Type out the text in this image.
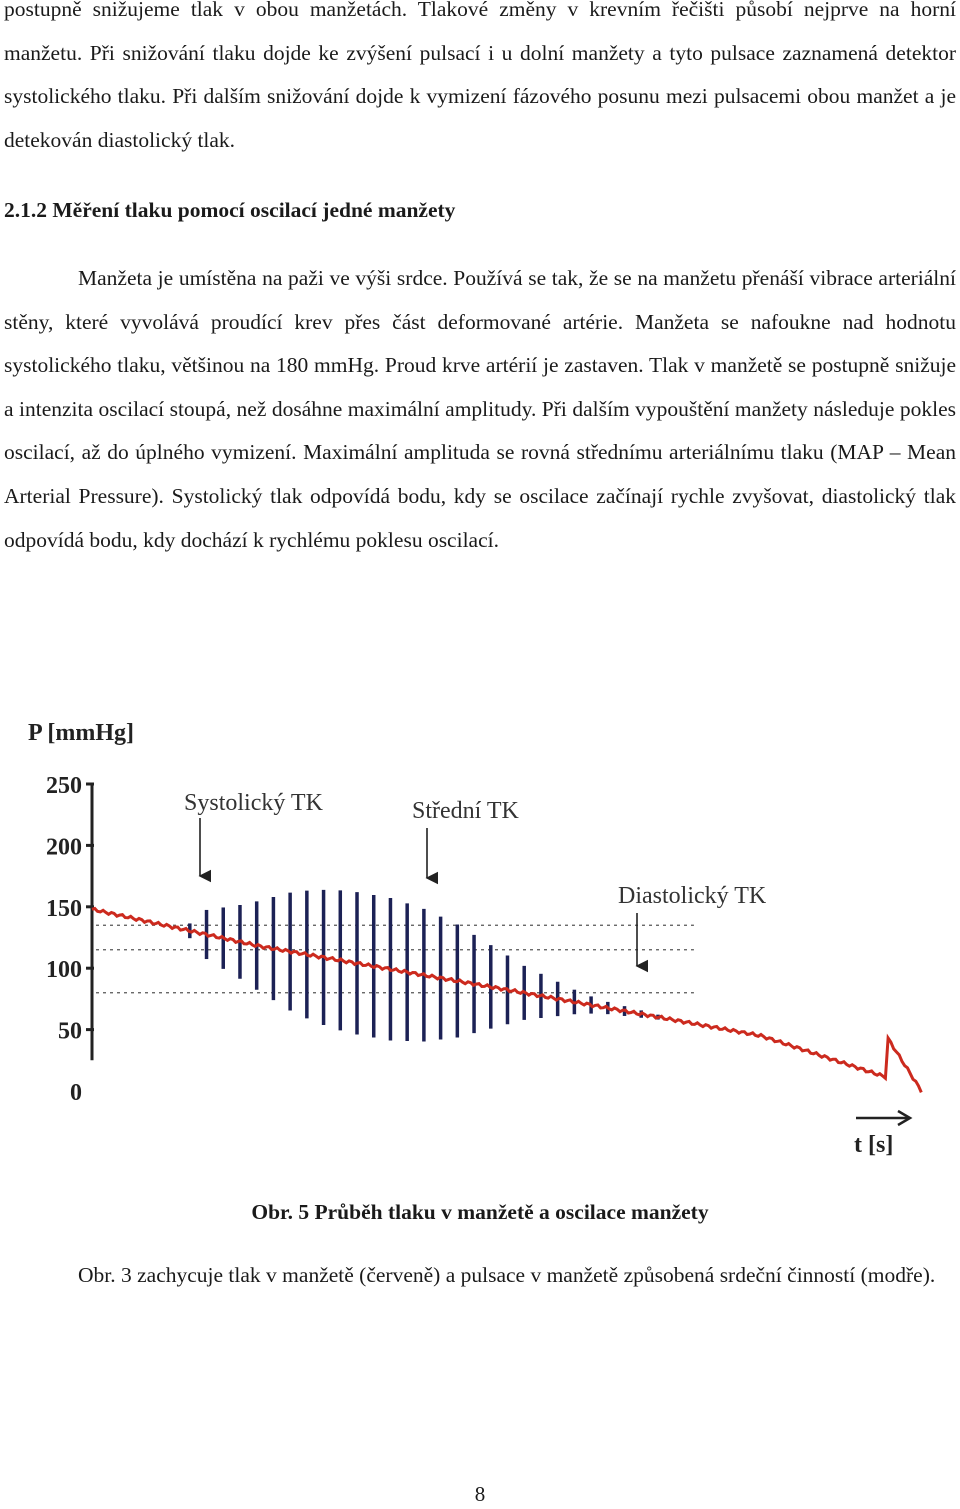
postupně snižujeme tlak v obou manžetách. Tlakové změny v krevním řečišti působí nejprve na horní manžetu. Při snižování tlaku dojde ke zvýšení pulsací i u dolní manžety a tyto pulsace zaznamená detektor systolického tlaku. Při dalším snižování dojde k vymizení fázového posunu mezi pulsacemi obou manžet a je detekován diastolický tlak.

2.1.2 Měření tlaku pomocí oscilací jedné manžety

Manžeta je umístěna na paži ve výši srdce. Používá se tak, že se na manžetu přenáší vibrace arteriální stěny, které vyvolává proudící krev přes část deformované artérie. Manžeta se nafoukne nad hodnotu systolického tlaku, většinou na 180 mmHg. Proud krve artérií je zastaven. Tlak v manžetě se postupně snižuje a intenzita oscilací stoupá, než dosáhne maximální amplitudy. Při dalším vypouštění manžety následuje pokles oscilací, až do úplného vymizení. Maximální amplituda se rovná střednímu arteriálnímu tlaku (MAP – Mean Arterial Pressure). Systolický tlak odpovídá bodu, kdy se oscilace začínají rychle zvyšovat, diastolický tlak odpovídá bodu, kdy dochází k rychlému poklesu oscilací.

P [mmHg]
0
50
100
150
200
250
Systolický TK	Střední TK
Diastolický TK
t [s]

Obr. 5 Průběh tlaku v manžetě a oscilace manžety

Obr. 3 zachycuje tlak v manžetě (červeně) a pulsace v manžetě způsobená srdeční činností (modře).

8
